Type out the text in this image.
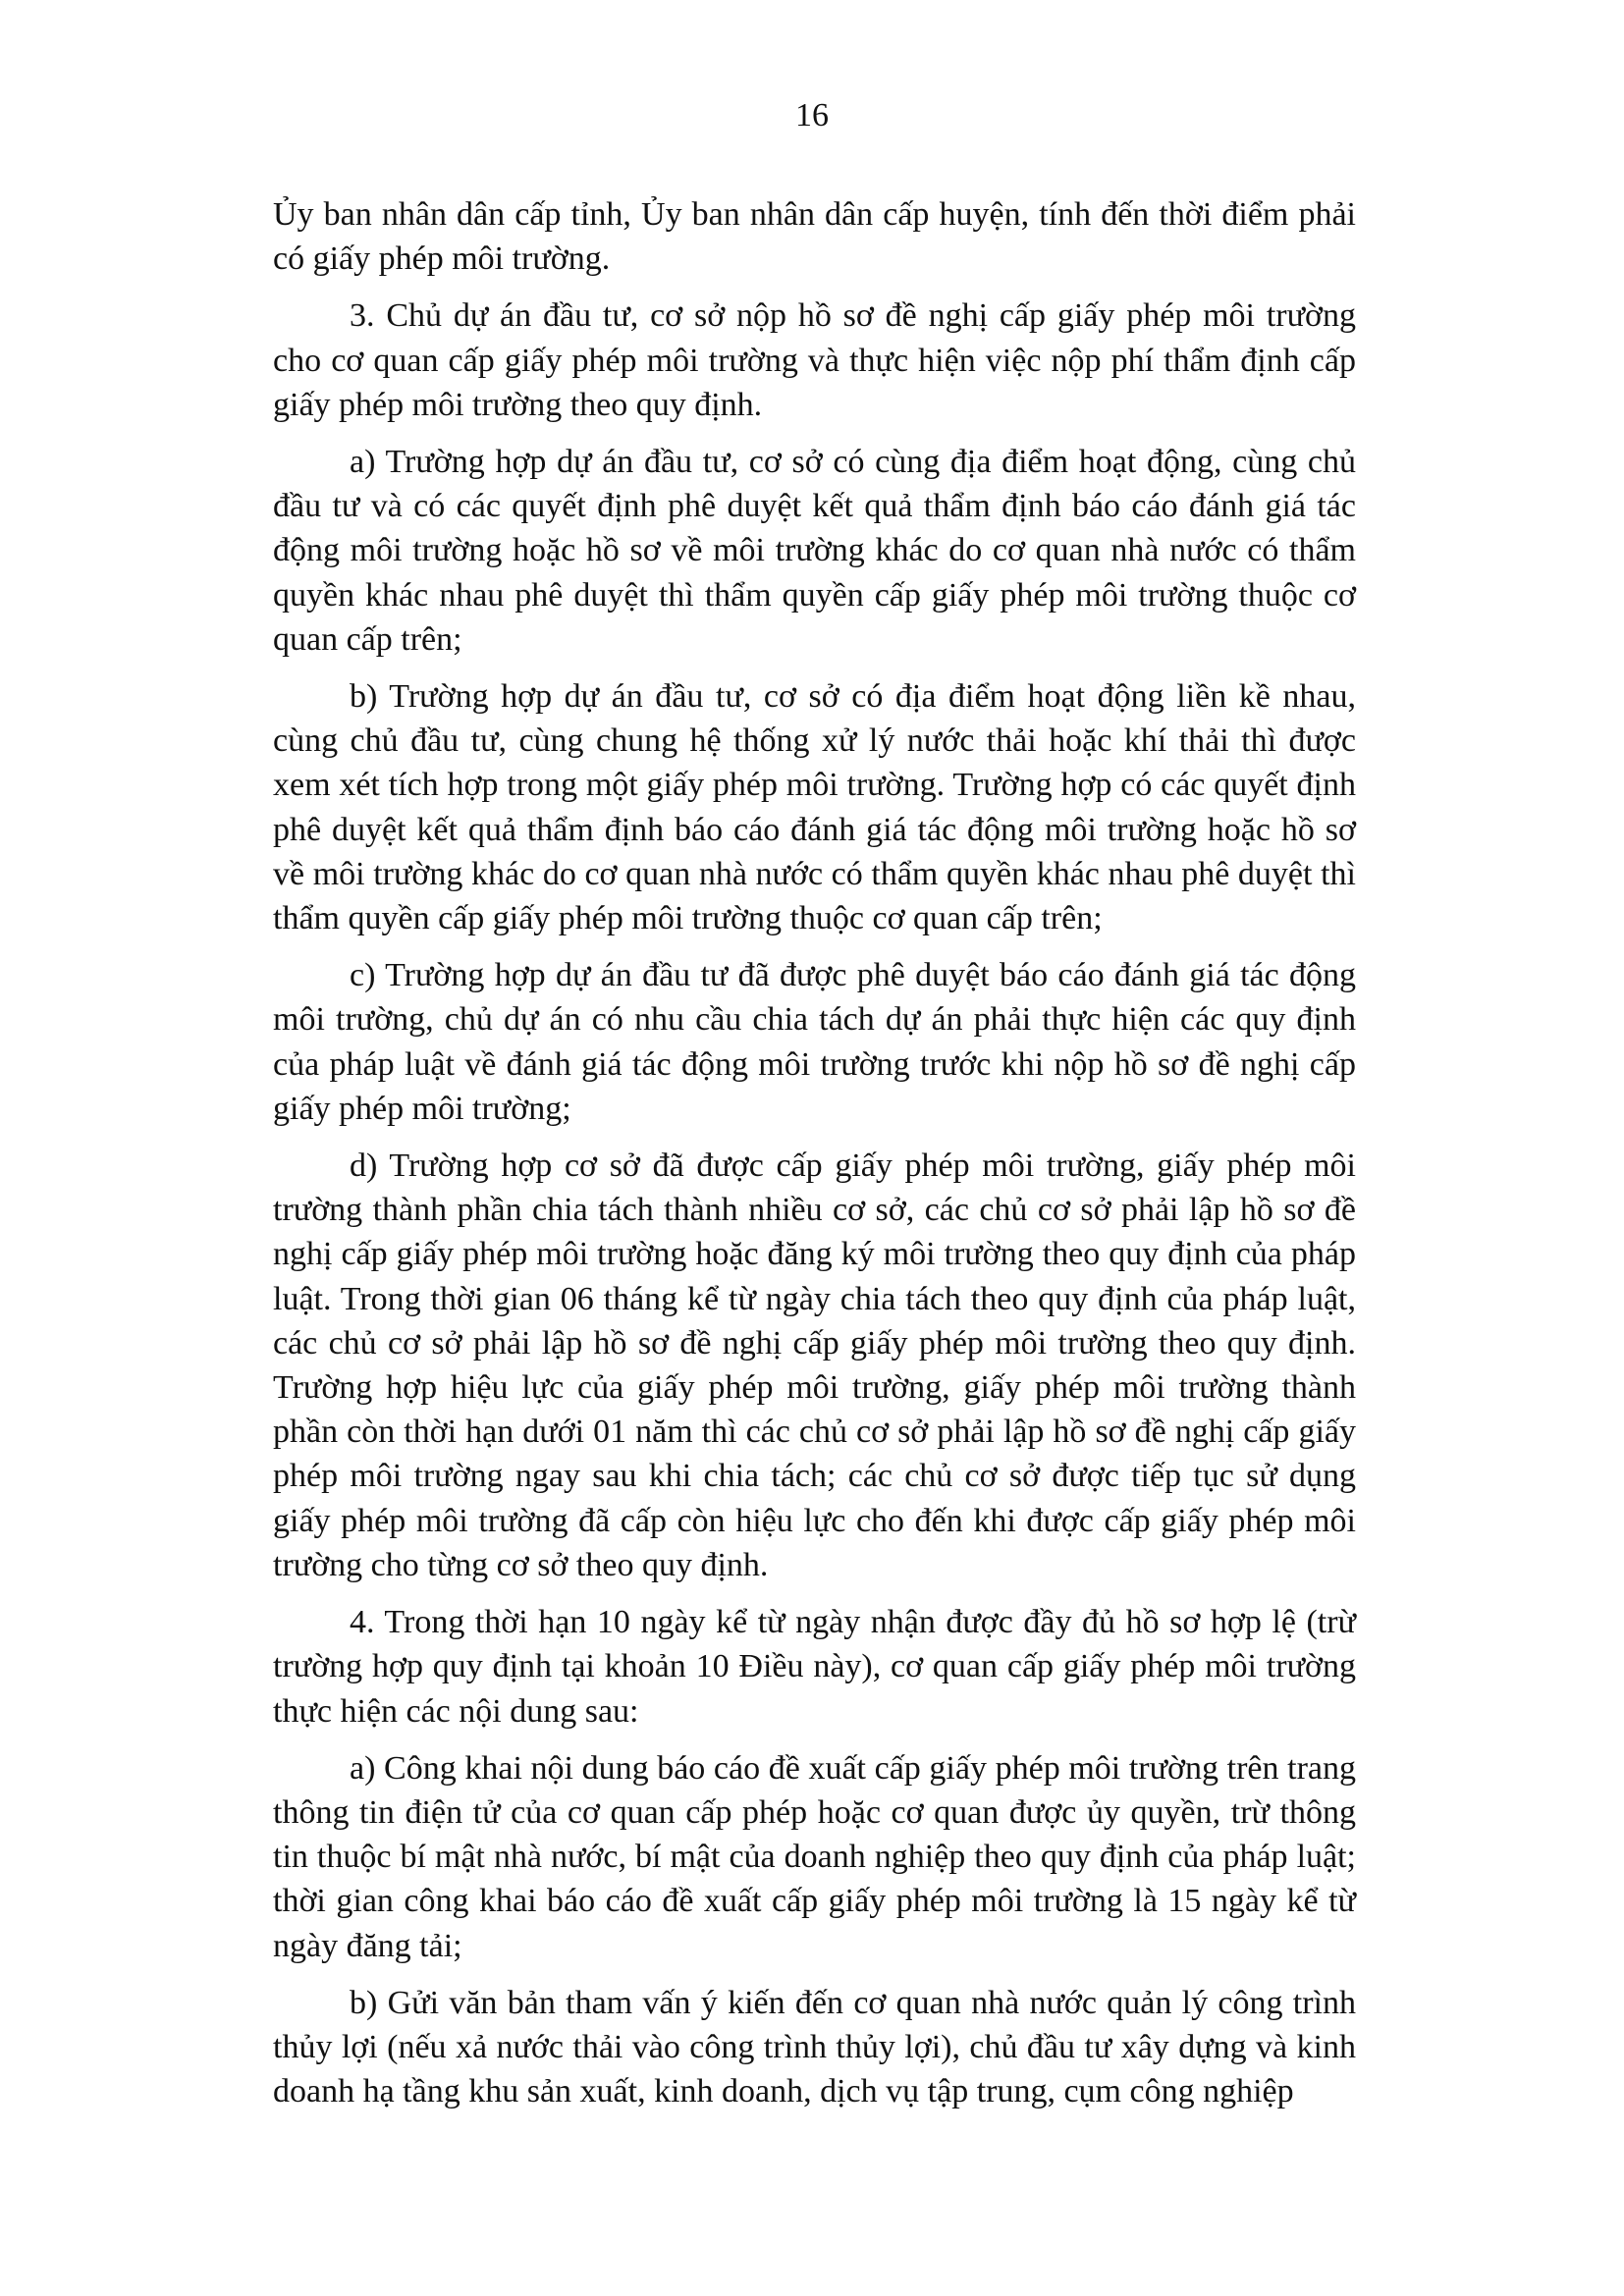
16

Ủy ban nhân dân cấp tỉnh, Ủy ban nhân dân cấp huyện, tính đến thời điểm phải có giấy phép môi trường.

3. Chủ dự án đầu tư, cơ sở nộp hồ sơ đề nghị cấp giấy phép môi trường cho cơ quan cấp giấy phép môi trường và thực hiện việc nộp phí thẩm định cấp giấy phép môi trường theo quy định.

a) Trường hợp dự án đầu tư, cơ sở có cùng địa điểm hoạt động, cùng chủ đầu tư và có các quyết định phê duyệt kết quả thẩm định báo cáo đánh giá tác động môi trường hoặc hồ sơ về môi trường khác do cơ quan nhà nước có thẩm quyền khác nhau phê duyệt thì thẩm quyền cấp giấy phép môi trường thuộc cơ quan cấp trên;

b) Trường hợp dự án đầu tư, cơ sở có địa điểm hoạt động liền kề nhau, cùng chủ đầu tư, cùng chung hệ thống xử lý nước thải hoặc khí thải thì được xem xét tích hợp trong một giấy phép môi trường. Trường hợp có các quyết định phê duyệt kết quả thẩm định báo cáo đánh giá tác động môi trường hoặc hồ sơ về môi trường khác do cơ quan nhà nước có thẩm quyền khác nhau phê duyệt thì thẩm quyền cấp giấy phép môi trường thuộc cơ quan cấp trên;

c) Trường hợp dự án đầu tư đã được phê duyệt báo cáo đánh giá tác động môi trường, chủ dự án có nhu cầu chia tách dự án phải thực hiện các quy định của pháp luật về đánh giá tác động môi trường trước khi nộp hồ sơ đề nghị cấp giấy phép môi trường;

d) Trường hợp cơ sở đã được cấp giấy phép môi trường, giấy phép môi trường thành phần chia tách thành nhiều cơ sở, các chủ cơ sở phải lập hồ sơ đề nghị cấp giấy phép môi trường hoặc đăng ký môi trường theo quy định của pháp luật. Trong thời gian 06 tháng kể từ ngày chia tách theo quy định của pháp luật, các chủ cơ sở phải lập hồ sơ đề nghị cấp giấy phép môi trường theo quy định. Trường hợp hiệu lực của giấy phép môi trường, giấy phép môi trường thành phần còn thời hạn dưới 01 năm thì các chủ cơ sở phải lập hồ sơ đề nghị cấp giấy phép môi trường ngay sau khi chia tách; các chủ cơ sở được tiếp tục sử dụng giấy phép môi trường đã cấp còn hiệu lực cho đến khi được cấp giấy phép môi trường cho từng cơ sở theo quy định.

4. Trong thời hạn 10 ngày kể từ ngày nhận được đầy đủ hồ sơ hợp lệ (trừ trường hợp quy định tại khoản 10 Điều này), cơ quan cấp giấy phép môi trường thực hiện các nội dung sau:

a) Công khai nội dung báo cáo đề xuất cấp giấy phép môi trường trên trang thông tin điện tử của cơ quan cấp phép hoặc cơ quan được ủy quyền, trừ thông tin thuộc bí mật nhà nước, bí mật của doanh nghiệp theo quy định của pháp luật; thời gian công khai báo cáo đề xuất cấp giấy phép môi trường là 15 ngày kể từ ngày đăng tải;

b) Gửi văn bản tham vấn ý kiến đến cơ quan nhà nước quản lý công trình thủy lợi (nếu xả nước thải vào công trình thủy lợi), chủ đầu tư xây dựng và kinh doanh hạ tầng khu sản xuất, kinh doanh, dịch vụ tập trung, cụm công nghiệp
